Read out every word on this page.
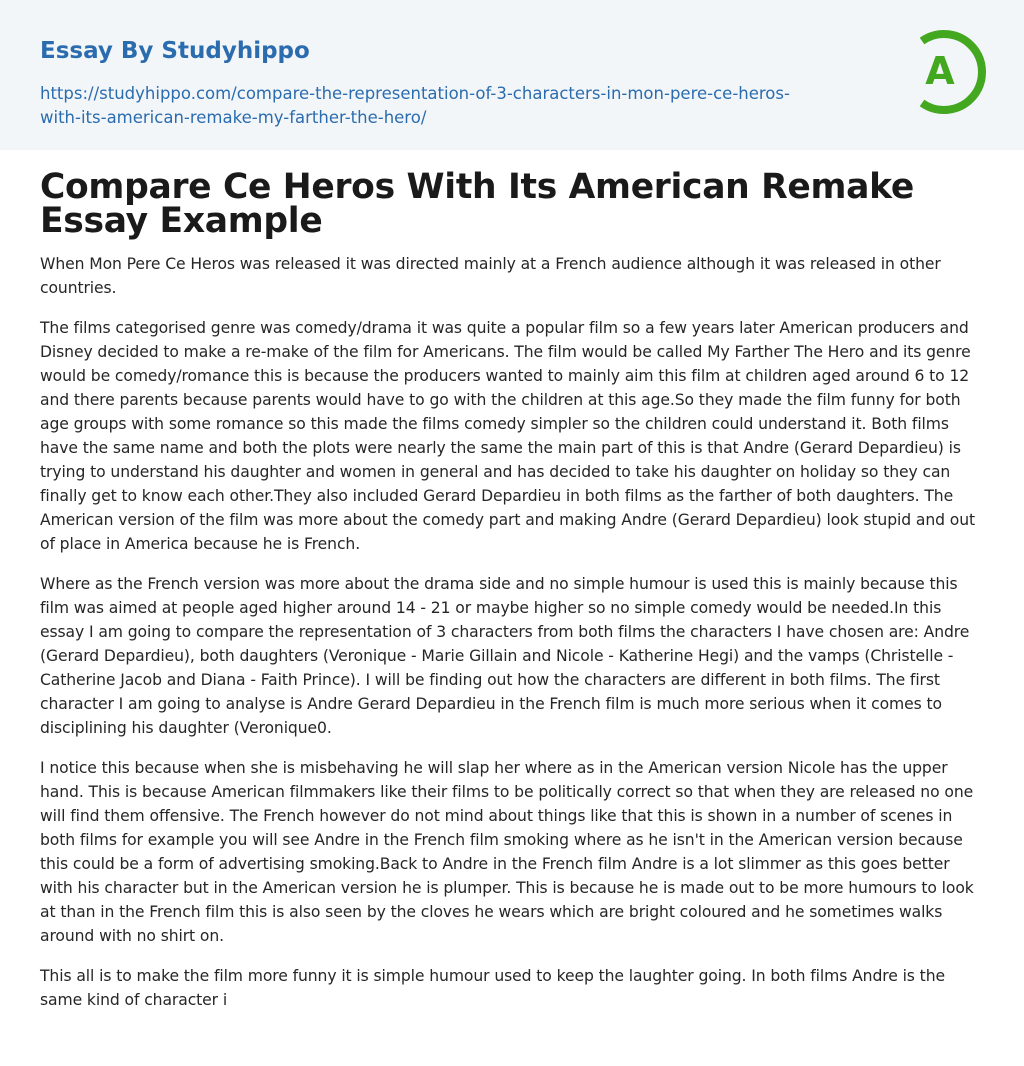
Essay By Studyhippo
https://studyhippo.com/compare-the-representation-of-3-characters-in-mon-pere-ce-heros-
with-its-american-remake-my-farther-the-hero/
A
Compare Ce Heros With Its American Remake Essay Example

When Mon Pere Ce Heros was released it was directed mainly at a French audience although it was released in other countries.

The films categorised genre was comedy/drama it was quite a popular film so a few years later American producers and Disney decided to make a re-make of the film for Americans. The film would be called My Farther The Hero and its genre would be comedy/romance this is because the producers wanted to mainly aim this film at children aged around 6 to 12 and there parents because parents would have to go with the children at this age.So they made the film funny for both age groups with some romance so this made the films comedy simpler so the children could understand it. Both films have the same name and both the plots were nearly the same the main part of this is that Andre (Gerard Depardieu) is trying to understand his daughter and women in general and has decided to take his daughter on holiday so they can finally get to know each other.They also included Gerard Depardieu in both films as the farther of both daughters. The American version of the film was more about the comedy part and making Andre (Gerard Depardieu) look stupid and out of place in America because he is French.

Where as the French version was more about the drama side and no simple humour is used this is mainly because this film was aimed at people aged higher around 14 - 21 or maybe higher so no simple comedy would be needed.In this essay I am going to compare the representation of 3 characters from both films the characters I have chosen are: Andre (Gerard Depardieu), both daughters (Veronique - Marie Gillain and Nicole - Katherine Hegi) and the vamps (Christelle - Catherine Jacob and Diana - Faith Prince). I will be finding out how the characters are different in both films. The first character I am going to analyse is Andre Gerard Depardieu in the French film is much more serious when it comes to disciplining his daughter (Veronique0.

I notice this because when she is misbehaving he will slap her where as in the American version Nicole has the upper hand. This is because American filmmakers like their films to be politically correct so that when they are released no one will find them offensive. The French however do not mind about things like that this is shown in a number of scenes in both films for example you will see Andre in the French film smoking where as he isn't in the American version because this could be a form of advertising smoking.Back to Andre in the French film Andre is a lot slimmer as this goes better with his character but in the American version he is plumper. This is because he is made out to be more humours to look at than in the French film this is also seen by the cloves he wears which are bright coloured and he sometimes walks around with no shirt on.

This all is to make the film more funny it is simple humour used to keep the laughter going. In both films Andre is the same kind of character i
